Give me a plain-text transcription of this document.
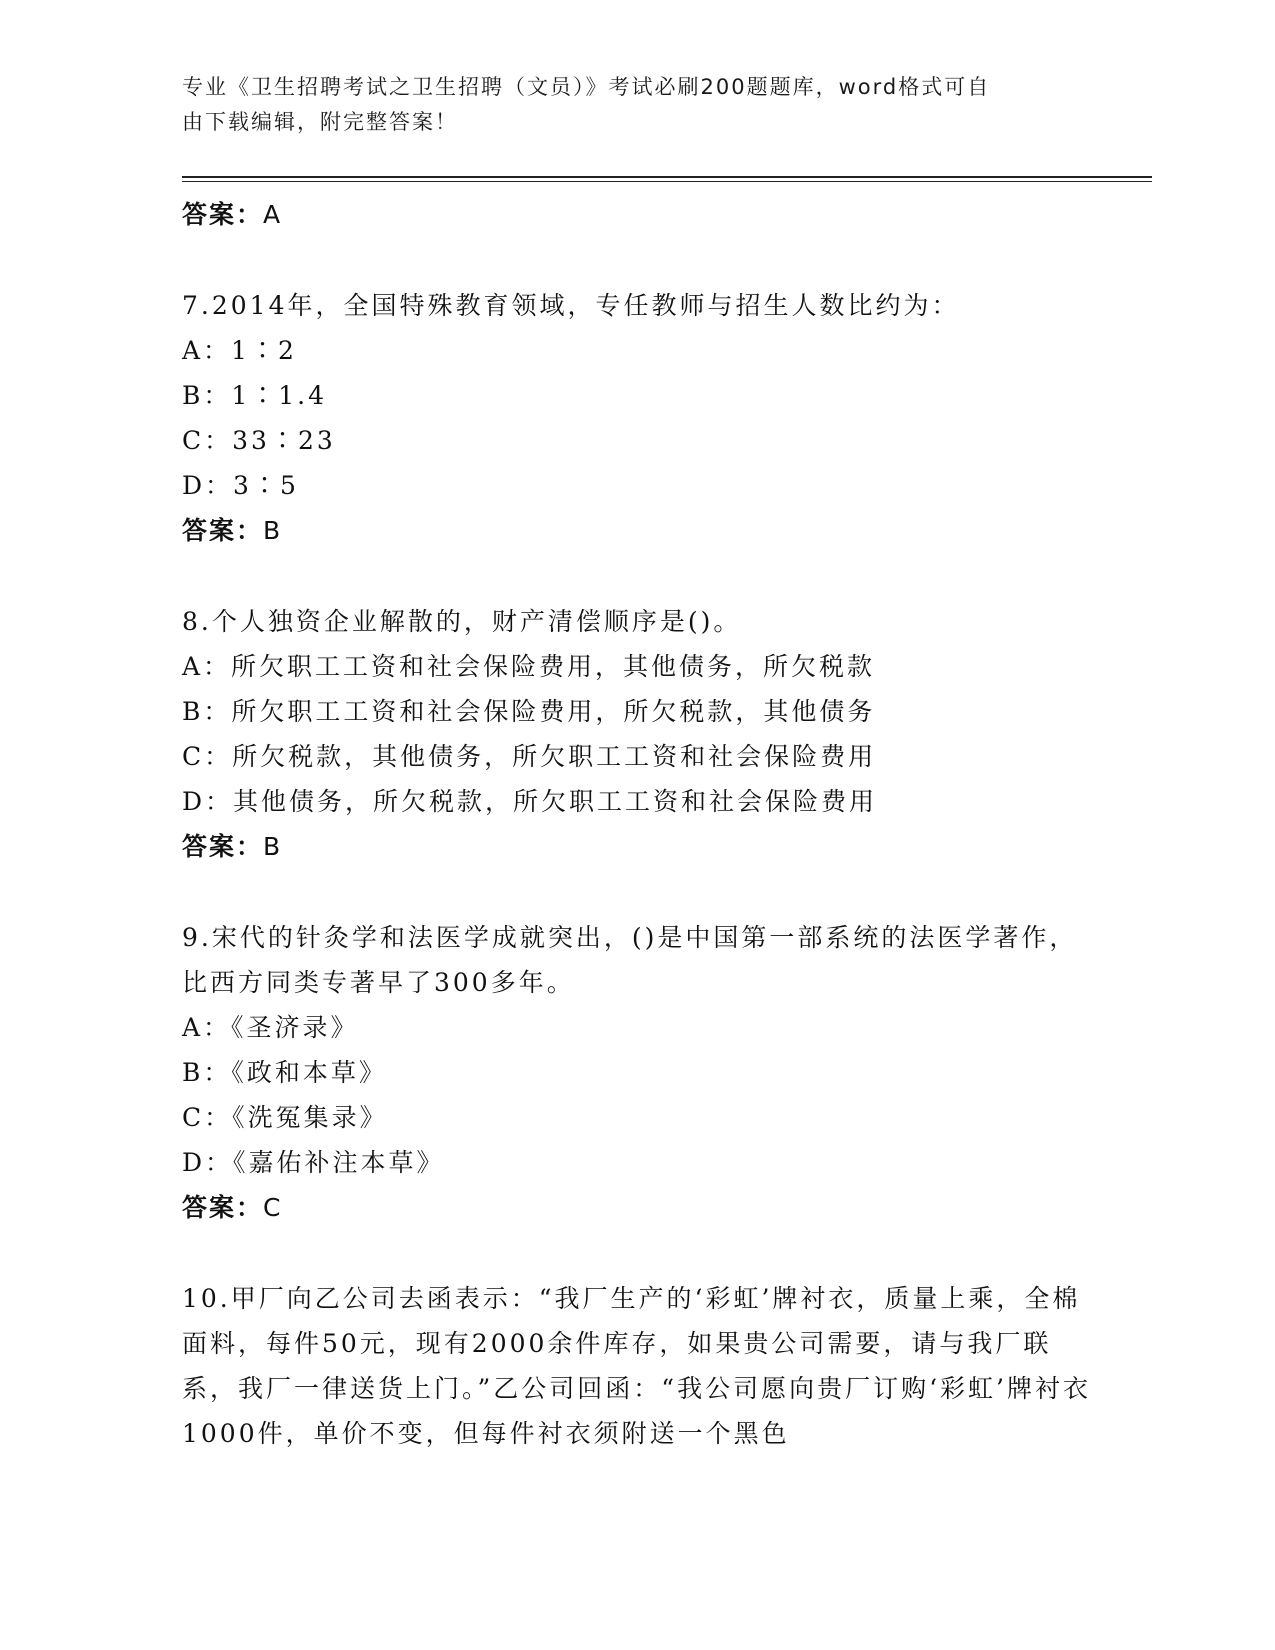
专业《卫生招聘考试之卫生招聘（文员）》考试必刷200题题库，word格式可自
由下载编辑，附完整答案！
答案：A
7.2014年，全国特殊教育领域，专任教师与招生人数比约为：
A：1∶2
B：1∶1.4
C：33∶23
D：3∶5
答案：B
8.个人独资企业解散的，财产清偿顺序是()。
A：所欠职工工资和社会保险费用，其他债务，所欠税款
B：所欠职工工资和社会保险费用，所欠税款，其他债务
C：所欠税款，其他债务，所欠职工工资和社会保险费用
D：其他债务，所欠税款，所欠职工工资和社会保险费用
答案：B
9.宋代的针灸学和法医学成就突出，()是中国第一部系统的法医学著作，比西方同类专著早了300多年。
A：《圣济录》
B：《政和本草》
C：《洗冤集录》
D：《嘉佑补注本草》
答案：C
10.甲厂向乙公司去函表示：“我厂生产的‘彩虹’牌衬衣，质量上乘，全棉面料，每件50元，现有2000余件库存，如果贵公司需要，请与我厂联系，我厂一律送货上门。”乙公司回函：“我公司愿向贵厂订购‘彩虹’牌衬衣1000件，单价不变，但每件衬衣须附送一个黑色
